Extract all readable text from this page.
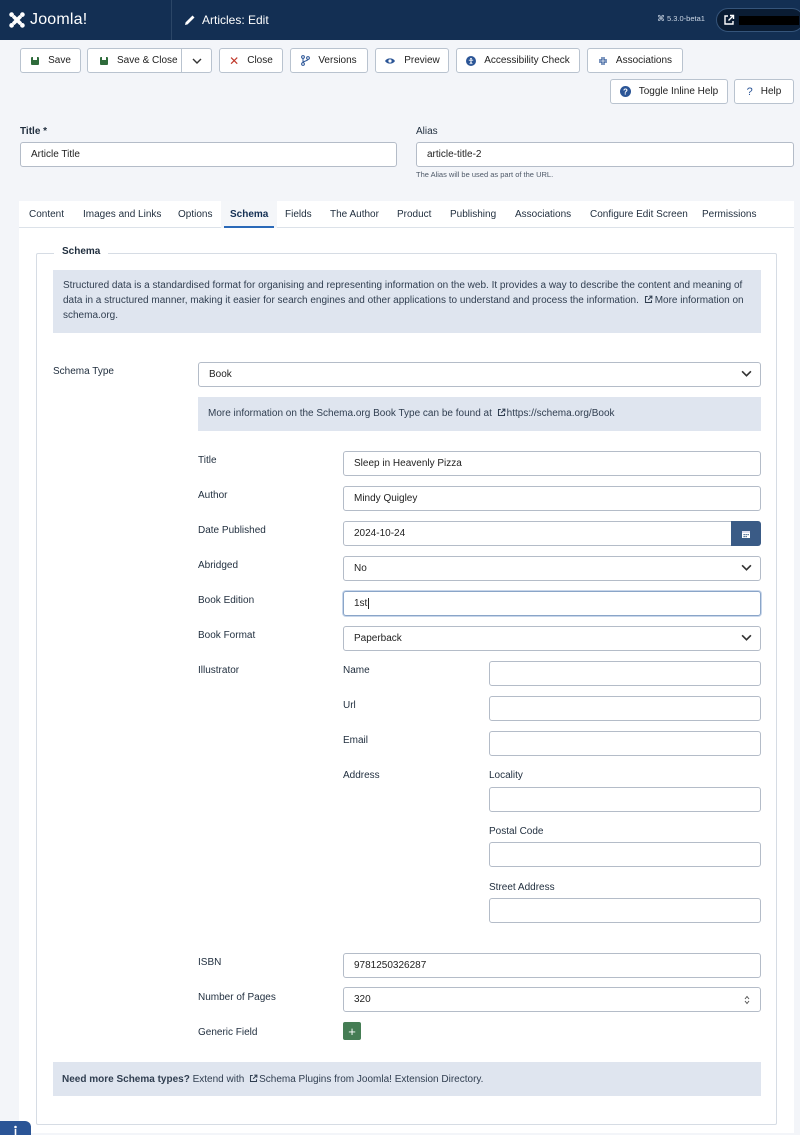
Joomla!	Articles: Edit	⌘ 5.3.0-beta1
Save	Save & Close	✕ Close	Versions	Preview	Accessibility Check	Associations
? Toggle Inline Help	? Help
Title *
Article Title
Alias
article-title-2
The Alias will be used as part of the URL.
Content Images and Links Options Schema Fields The Author Product Publishing Associations Configure Edit Screen Permissions
Schema
Structured data is a standardised format for organising and representing information on the web. It provides a way to describe the content and meaning of data in a structured manner, making it easier for search engines and other applications to understand and process the information. More information on schema.org.
Schema Type	Book
More information on the Schema.org Book Type can be found at https://schema.org/Book
Title	Sleep in Heavenly Pizza
Author	Mindy Quigley
Date Published	2024-10-24
Abridged	No
Book Edition	1st
Book Format	Paperback
Illustrator	Name
Url
Email
Address	Locality
Postal Code
Street Address
ISBN	9781250326287
Number of Pages	320
Generic Field	+
Need more Schema types? Extend with Schema Plugins from Joomla! Extension Directory.
